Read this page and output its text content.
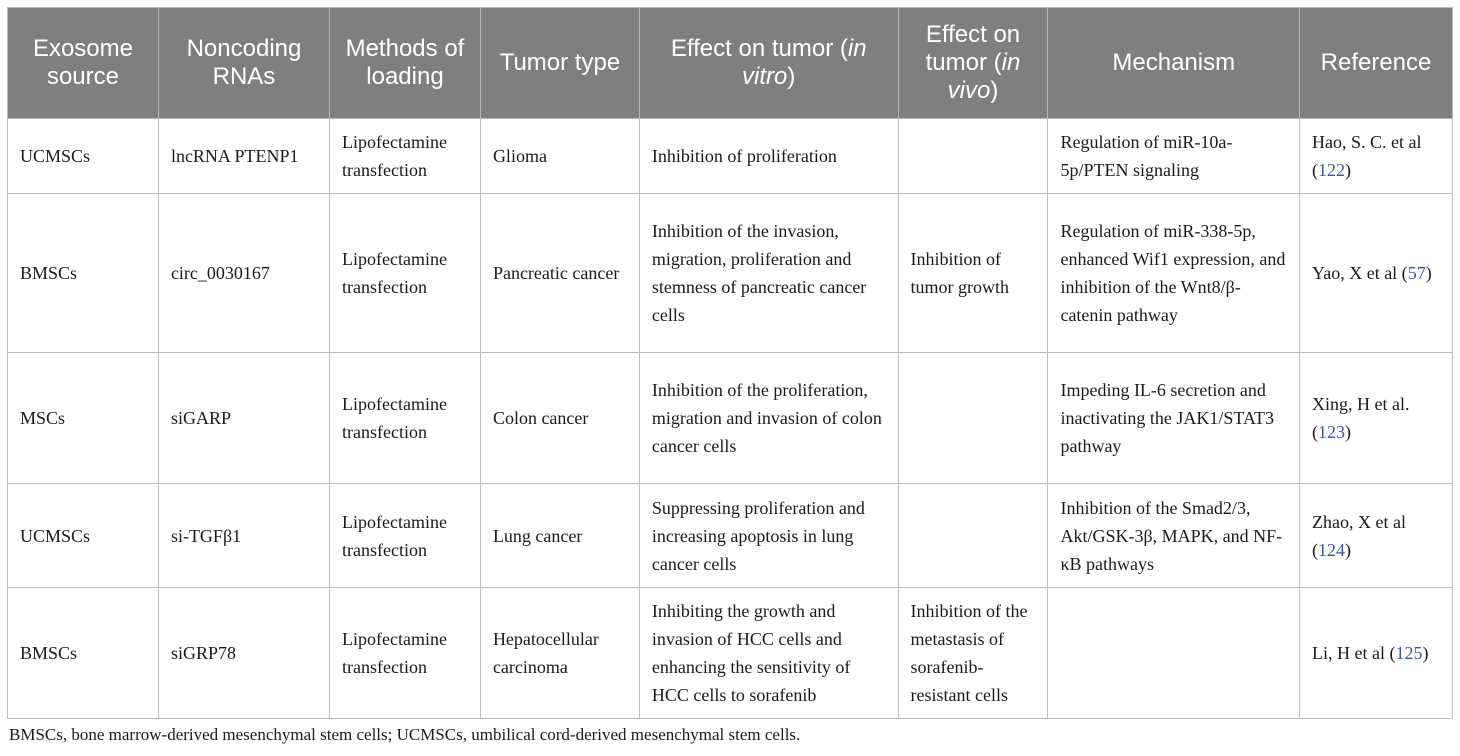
Exosome source	Noncoding RNAs	Methods of loading	Tumor type	Effect on tumor (in vitro)	Effect on tumor (in vivo)	Mechanism	Reference
UCMSCs	lncRNA PTENP1	Lipofectamine transfection	Glioma	Inhibition of proliferation		Regulation of miR-10a-5p/PTEN signaling	Hao, S. C. et al (122)
BMSCs	circ_0030167	Lipofectamine transfection	Pancreatic cancer	Inhibition of the invasion, migration, proliferation and stemness of pancreatic cancer cells	Inhibition of tumor growth	Regulation of miR-338-5p, enhanced Wif1 expression, and inhibition of the Wnt8/β-catenin pathway	Yao, X et al (57)
MSCs	siGARP	Lipofectamine transfection	Colon cancer	Inhibition of the proliferation, migration and invasion of colon cancer cells		Impeding IL-6 secretion and inactivating the JAK1/STAT3 pathway	Xing, H et al. (123)
UCMSCs	si-TGFβ1	Lipofectamine transfection	Lung cancer	Suppressing proliferation and increasing apoptosis in lung cancer cells		Inhibition of the Smad2/3, Akt/GSK-3β, MAPK, and NF-κB pathways	Zhao, X et al (124)
BMSCs	siGRP78	Lipofectamine transfection	Hepatocellular carcinoma	Inhibiting the growth and invasion of HCC cells and enhancing the sensitivity of HCC cells to sorafenib	Inhibition of the metastasis of sorafenib-resistant cells		Li, H et al (125)
BMSCs, bone marrow-derived mesenchymal stem cells; UCMSCs, umbilical cord-derived mesenchymal stem cells.
